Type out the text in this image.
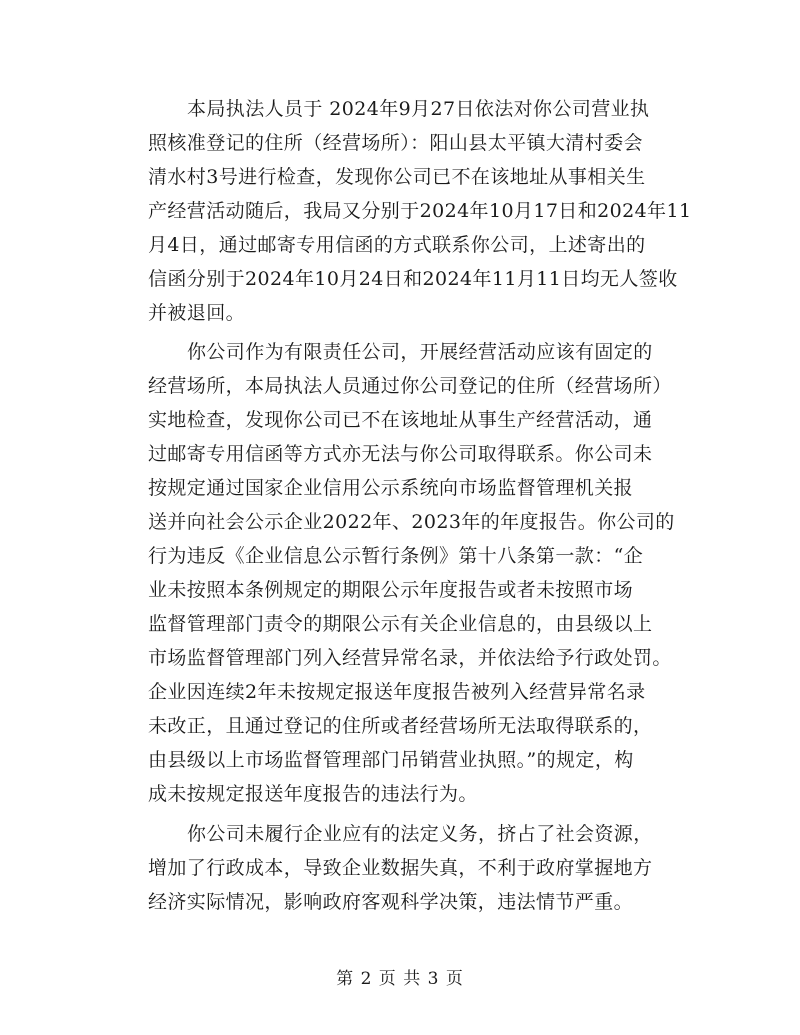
本局执法人员于 2024年9月27日依法对你公司营业执
照核准登记的住所（经营场所）：阳山县太平镇大清村委会
清水村3号进行检查，发现你公司已不在该地址从事相关生
产经营活动随后，我局又分别于2024年10月17日和2024年11
月4日，通过邮寄专用信函的方式联系你公司，上述寄出的
信函分别于2024年10月24日和2024年11月11日均无人签收
并被退回。
你公司作为有限责任公司，开展经营活动应该有固定的
经营场所，本局执法人员通过你公司登记的住所（经营场所）
实地检查，发现你公司已不在该地址从事生产经营活动，通
过邮寄专用信函等方式亦无法与你公司取得联系。你公司未
按规定通过国家企业信用公示系统向市场监督管理机关报
送并向社会公示企业2022年、2023年的年度报告。你公司的
行为违反《企业信息公示暂行条例》第十八条第一款：“企
业未按照本条例规定的期限公示年度报告或者未按照市场
监督管理部门责令的期限公示有关企业信息的，由县级以上
市场监督管理部门列入经营异常名录，并依法给予行政处罚。
企业因连续2年未按规定报送年度报告被列入经营异常名录
未改正，且通过登记的住所或者经营场所无法取得联系的，
由县级以上市场监督管理部门吊销营业执照。”的规定，构
成未按规定报送年度报告的违法行为。
你公司未履行企业应有的法定义务，挤占了社会资源，
增加了行政成本，导致企业数据失真，不利于政府掌握地方
经济实际情况，影响政府客观科学决策，违法情节严重。
第 2 页 共 3 页
